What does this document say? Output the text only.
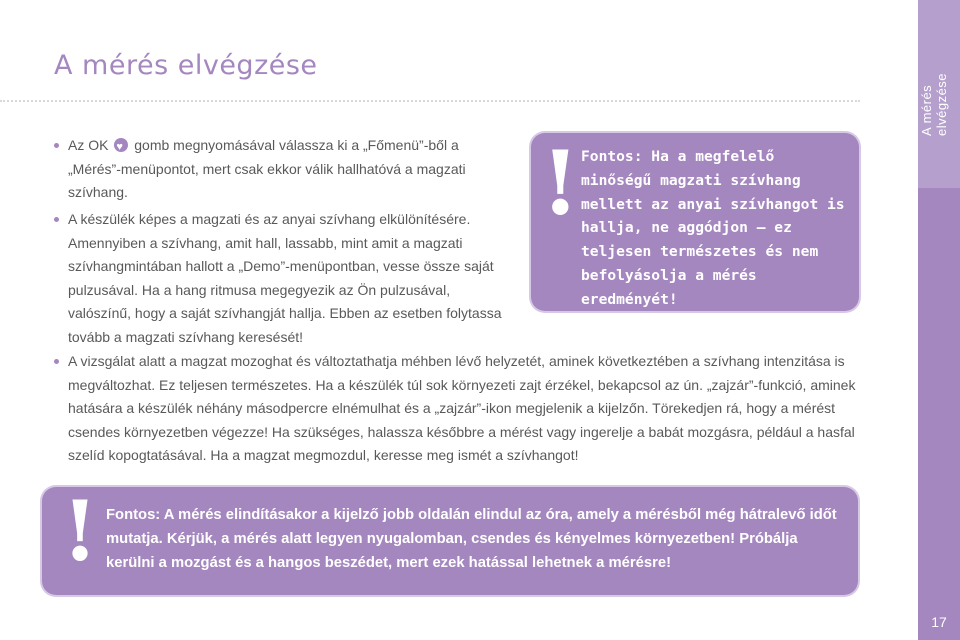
A mérés elvégzése
17
A mérés elvégzése
Az OK ♥ gomb megnyomásával válassza ki a „Főmenü”-ből a „Mérés”-menüpontot, mert csak ekkor válik hallhatóvá a magzati szívhang.
A készülék képes a magzati és az anyai szívhang elkülönítésére. Amennyiben a szívhang, amit hall, lassabb, mint amit a magzati szívhangmintában hallott a „Demo”-menüpontban, vesse össze saját pulzusával. Ha a hang ritmusa megegyezik az Ön pulzusával, valószínű, hogy a saját szívhangját hallja. Ebben az esetben folytassa tovább a magzati szívhang keresését!
A vizsgálat alatt a magzat mozoghat és változtathatja méhben lévő helyzetét, aminek következtében a szívhang intenzitása is megváltozhat. Ez teljesen természetes. Ha a készülék túl sok környezeti zajt érzékel, bekapcsol az ún. „zajzár”-funkció, aminek hatására a készülék néhány másodpercre elnémulhat és a „zajzár”-ikon megjelenik a kijelzőn. Törekedjen rá, hogy a mérést csendes környezetben végezze! Ha szükséges, halassza későbbre a mérést vagy ingerelje a babát mozgásra, például a hasfal szelíd kopogtatásával. Ha a magzat megmozdul, keresse meg ismét a szívhangot!
! Fontos: Ha a megfelelő minőségű magzati szívhang mellett az anyai szívhangot is hallja, ne aggódjon – ez teljesen természetes és nem befolyásolja a mérés eredményét!
! Fontos: A mérés elindításakor a kijelző jobb oldalán elindul az óra, amely a mérésből még hátralevő időt mutatja. Kérjük, a mérés alatt legyen nyugalomban, csendes és kényelmes környezetben! Próbálja kerülni a mozgást és a hangos beszédet, mert ezek hatással lehetnek a mérésre!
